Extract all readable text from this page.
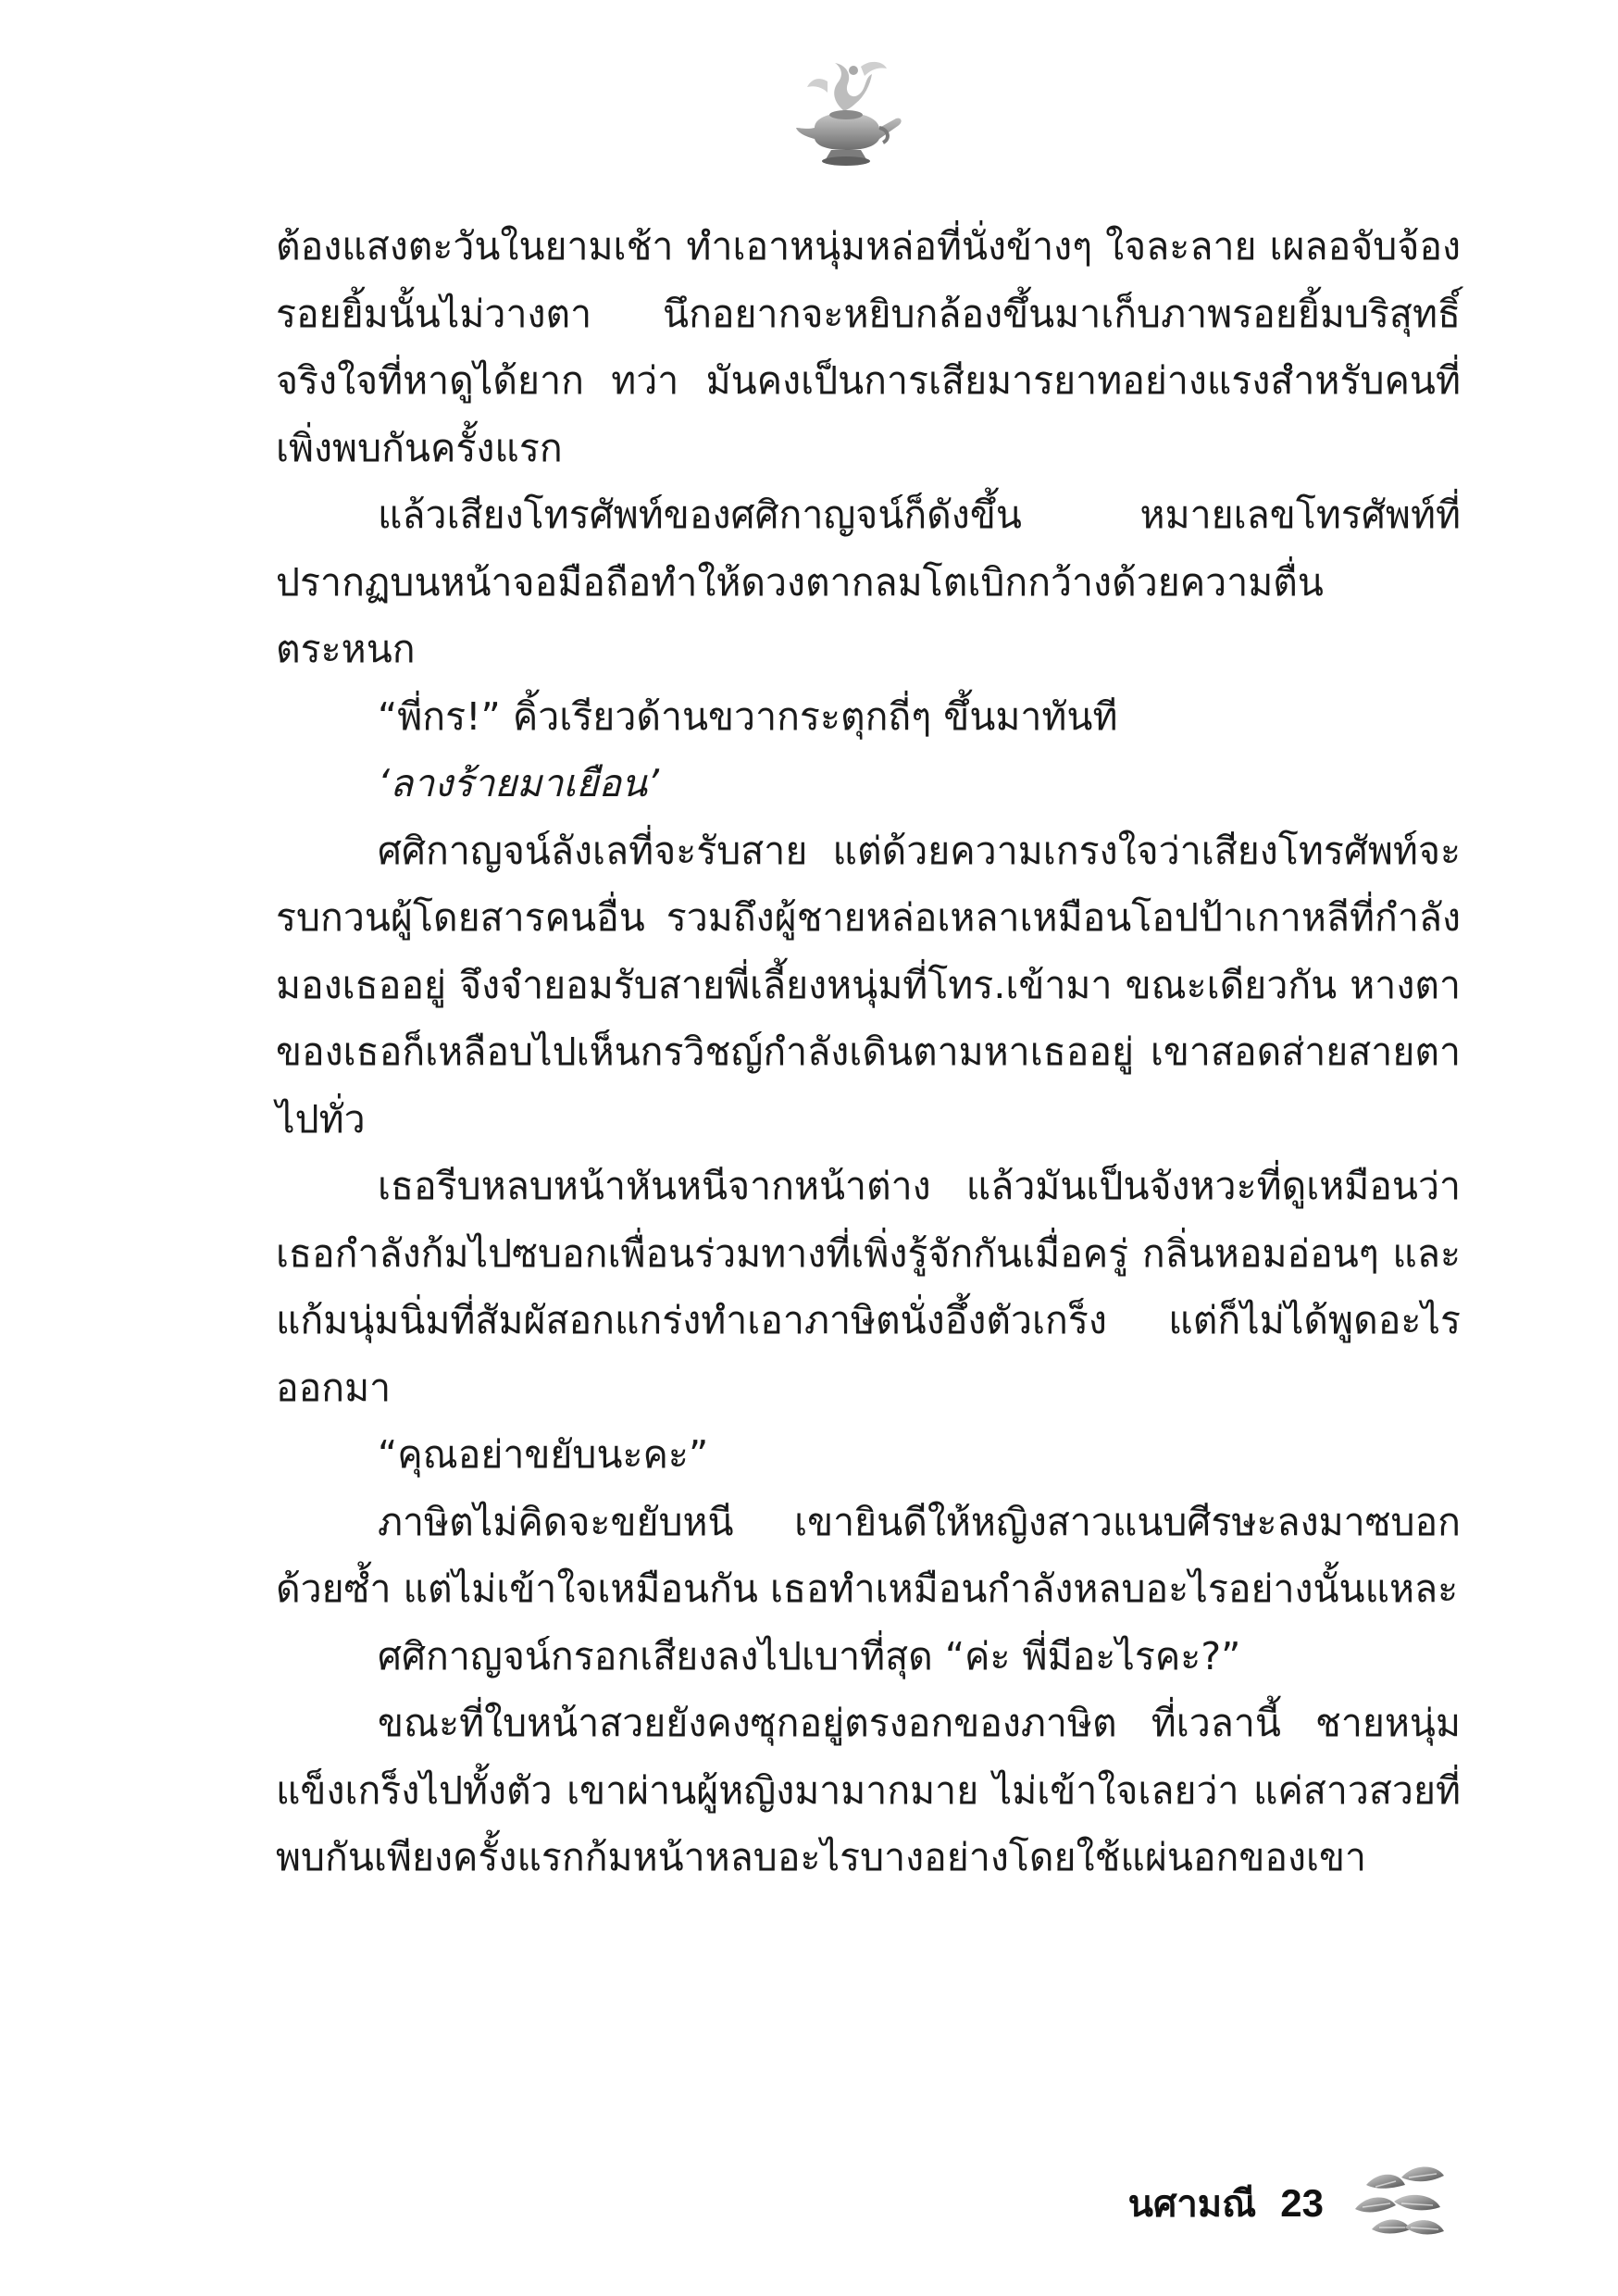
ต้องแสงตะวันในยามเช้า ทำเอาหนุ่มหล่อที่นั่งข้างๆ ใจละลาย เผลอจับจ้องรอยยิ้มนั้นไม่วางตา นึกอยากจะหยิบกล้องขึ้นมาเก็บภาพรอยยิ้มบริสุทธิ์จริงใจที่หาดูได้ยาก ทว่า มันคงเป็นการเสียมารยาทอย่างแรงสำหรับคนที่เพิ่งพบกันครั้งแรก

แล้วเสียงโทรศัพท์ของศศิกาญจน์ก็ดังขึ้น หมายเลขโทรศัพท์ที่ปรากฏบนหน้าจอมือถือทำให้ดวงตากลมโตเบิกกว้างด้วยความตื่นตระหนก

“พี่กร!” คิ้วเรียวด้านขวากระตุกถี่ๆ ขึ้นมาทันที

‘ลางร้ายมาเยือน’

ศศิกาญจน์ลังเลที่จะรับสาย แต่ด้วยความเกรงใจว่าเสียงโทรศัพท์จะรบกวนผู้โดยสารคนอื่น รวมถึงผู้ชายหล่อเหลาเหมือนโอปป้าเกาหลีที่กำลังมองเธออยู่ จึงจำยอมรับสายพี่เลี้ยงหนุ่มที่โทร.เข้ามา ขณะเดียวกัน หางตาของเธอก็เหลือบไปเห็นกรวิชญ์กำลังเดินตามหาเธออยู่ เขาสอดส่ายสายตาไปทั่ว

เธอรีบหลบหน้าหันหนีจากหน้าต่าง แล้วมันเป็นจังหวะที่ดูเหมือนว่าเธอกำลังก้มไปซบอกเพื่อนร่วมทางที่เพิ่งรู้จักกันเมื่อครู่ กลิ่นหอมอ่อนๆ และแก้มนุ่มนิ่มที่สัมผัสอกแกร่งทำเอาภาษิตนั่งอึ้งตัวเกร็ง แต่ก็ไม่ได้พูดอะไรออกมา

“คุณอย่าขยับนะคะ”

ภาษิตไม่คิดจะขยับหนี เขายินดีให้หญิงสาวแนบศีรษะลงมาซบอกด้วยซ้ำ แต่ไม่เข้าใจเหมือนกัน เธอทำเหมือนกำลังหลบอะไรอย่างนั้นแหละ

ศศิกาญจน์กรอกเสียงลงไปเบาที่สุด “ค่ะ พี่มีอะไรคะ?”

ขณะที่ใบหน้าสวยยังคงซุกอยู่ตรงอกของภาษิต ที่เวลานี้ ชายหนุ่มแข็งเกร็งไปทั้งตัว เขาผ่านผู้หญิงมามากมาย ไม่เข้าใจเลยว่า แค่สาวสวยที่พบกันเพียงครั้งแรกก้มหน้าหลบอะไรบางอย่างโดยใช้แผ่นอกของเขา

นศามณี 23
